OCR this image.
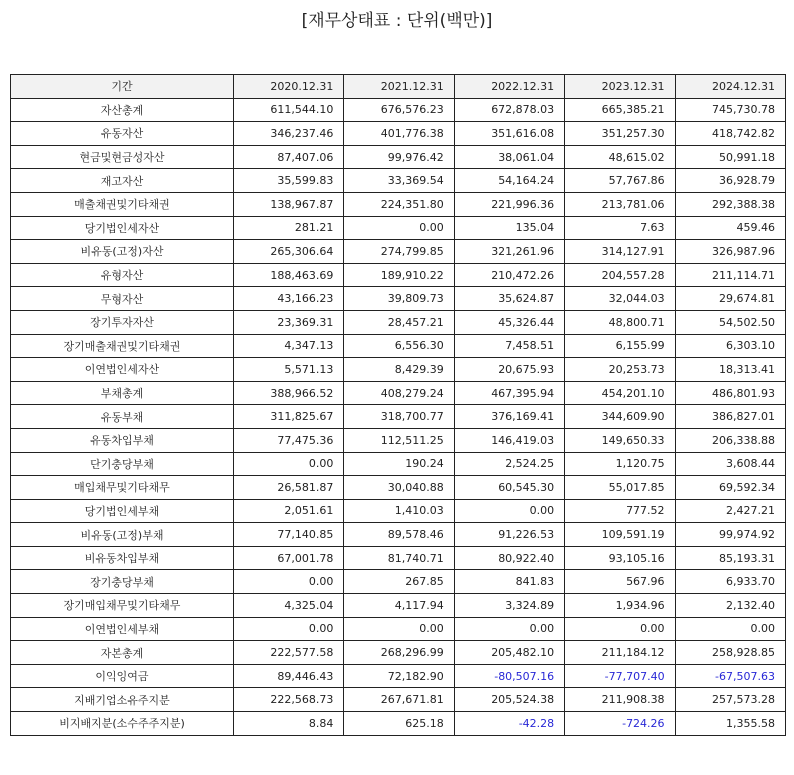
[재무상태표 : 단위(백만)]
기간	2020.12.31	2021.12.31	2022.12.31	2023.12.31	2024.12.31
자산총계	611,544.10	676,576.23	672,878.03	665,385.21	745,730.78
유동자산	346,237.46	401,776.38	351,616.08	351,257.30	418,742.82
현금및현금성자산	87,407.06	99,976.42	38,061.04	48,615.02	50,991.18
재고자산	35,599.83	33,369.54	54,164.24	57,767.86	36,928.79
매출채권및기타채권	138,967.87	224,351.80	221,996.36	213,781.06	292,388.38
당기법인세자산	281.21	0.00	135.04	7.63	459.46
비유동(고정)자산	265,306.64	274,799.85	321,261.96	314,127.91	326,987.96
유형자산	188,463.69	189,910.22	210,472.26	204,557.28	211,114.71
무형자산	43,166.23	39,809.73	35,624.87	32,044.03	29,674.81
장기투자자산	23,369.31	28,457.21	45,326.44	48,800.71	54,502.50
장기매출채권및기타채권	4,347.13	6,556.30	7,458.51	6,155.99	6,303.10
이연법인세자산	5,571.13	8,429.39	20,675.93	20,253.73	18,313.41
부채총계	388,966.52	408,279.24	467,395.94	454,201.10	486,801.93
유동부채	311,825.67	318,700.77	376,169.41	344,609.90	386,827.01
유동차입부채	77,475.36	112,511.25	146,419.03	149,650.33	206,338.88
단기충당부채	0.00	190.24	2,524.25	1,120.75	3,608.44
매입채무및기타채무	26,581.87	30,040.88	60,545.30	55,017.85	69,592.34
당기법인세부채	2,051.61	1,410.03	0.00	777.52	2,427.21
비유동(고정)부채	77,140.85	89,578.46	91,226.53	109,591.19	99,974.92
비유동차입부채	67,001.78	81,740.71	80,922.40	93,105.16	85,193.31
장기충당부채	0.00	267.85	841.83	567.96	6,933.70
장기매입채무및기타채무	4,325.04	4,117.94	3,324.89	1,934.96	2,132.40
이연법인세부채	0.00	0.00	0.00	0.00	0.00
자본총계	222,577.58	268,296.99	205,482.10	211,184.12	258,928.85
이익잉여금	89,446.43	72,182.90	-80,507.16	-77,707.40	-67,507.63
지배기업소유주지분	222,568.73	267,671.81	205,524.38	211,908.38	257,573.28
비지배지분(소수주주지분)	8.84	625.18	-42.28	-724.26	1,355.58
